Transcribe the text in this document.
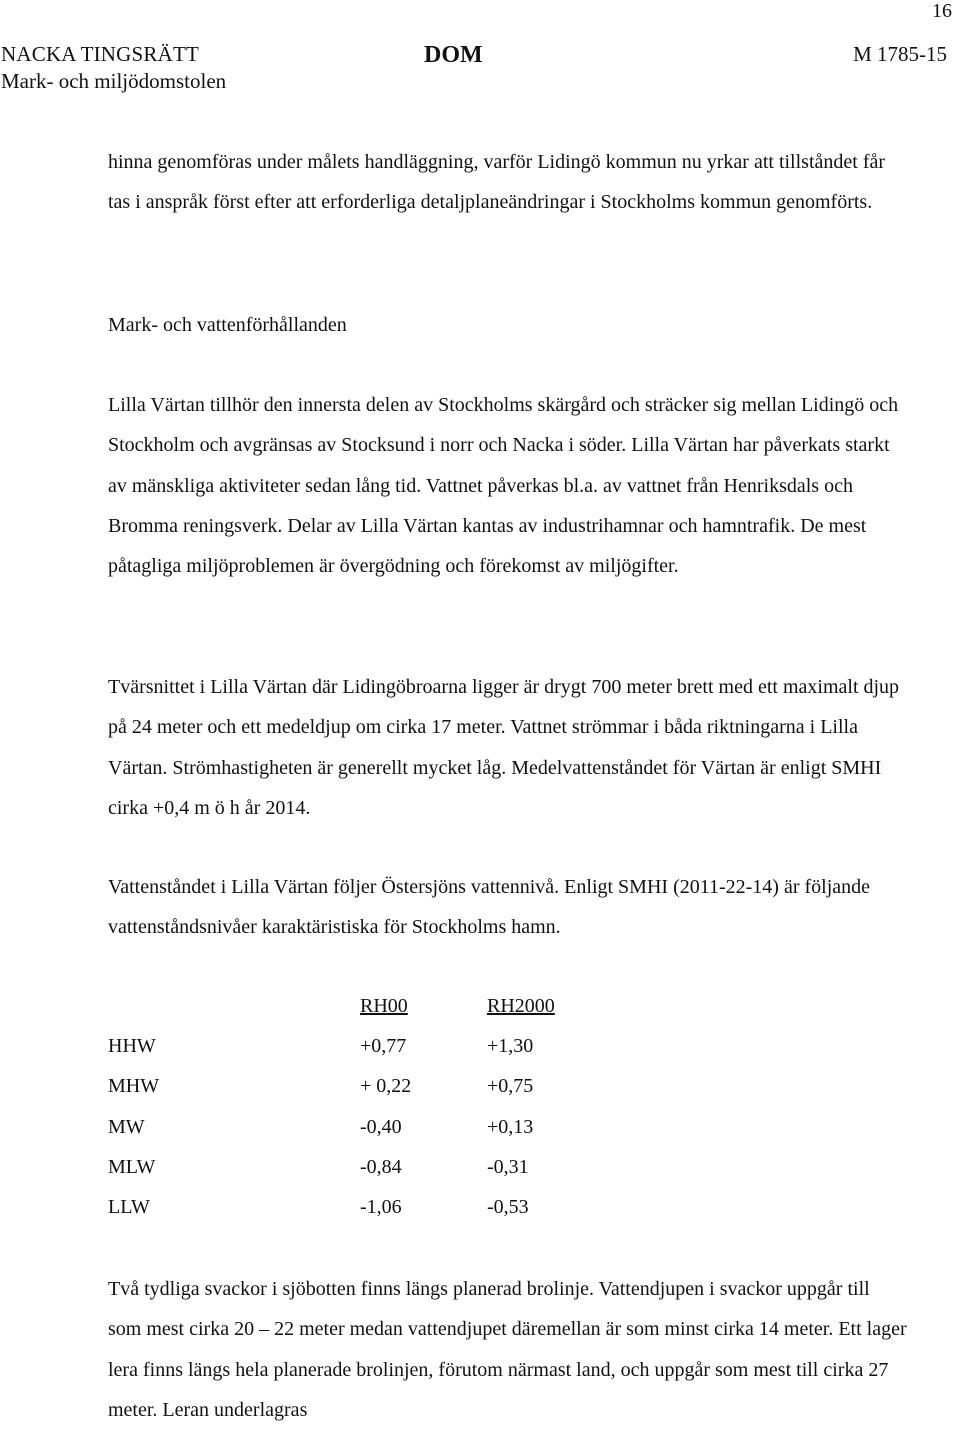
16
NACKA TINGSRÄTT
Mark- och miljödomstolen
DOM	M 1785-15

hinna genomföras under målets handläggning, varför Lidingö kommun nu yrkar att tillståndet får tas i anspråk först efter att erforderliga detaljplaneändringar i Stockholms kommun genomförts.

Mark- och vattenförhållanden

Lilla Värtan tillhör den innersta delen av Stockholms skärgård och sträcker sig mellan Lidingö och Stockholm och avgränsas av Stocksund i norr och Nacka i söder. Lilla Värtan har påverkats starkt av mänskliga aktiviteter sedan lång tid. Vattnet påverkas bl.a. av vattnet från Henriksdals och Bromma reningsverk. Delar av Lilla Värtan kantas av industrihamnar och hamntrafik. De mest påtagliga miljöproblemen är övergödning och förekomst av miljögifter.

Tvärsnittet i Lilla Värtan där Lidingöbroarna ligger är drygt 700 meter brett med ett maximalt djup på 24 meter och ett medeldjup om cirka 17 meter. Vattnet strömmar i båda riktningarna i Lilla Värtan. Strömhastigheten är generellt mycket låg. Medelvattenståndet för Värtan är enligt SMHI cirka +0,4 m ö h år 2014.

Vattenståndet i Lilla Värtan följer Östersjöns vattennivå. Enligt SMHI (2011-22-14) är följande vattenståndsnivåer karaktäristiska för Stockholms hamn.

	RH00	RH2000
HHW	+0,77	+1,30
MHW	+ 0,22	+0,75
MW	-0,40	+0,13
MLW	-0,84	-0,31
LLW	-1,06	-0,53

Två tydliga svackor i sjöbotten finns längs planerad brolinje. Vattendjupen i svackor uppgår till som mest cirka 20 – 22 meter medan vattendjupet däremellan är som minst cirka 14 meter. Ett lager lera finns längs hela planerade brolinjen, förutom närmast land, och uppgår som mest till cirka 27 meter. Leran underlagras
